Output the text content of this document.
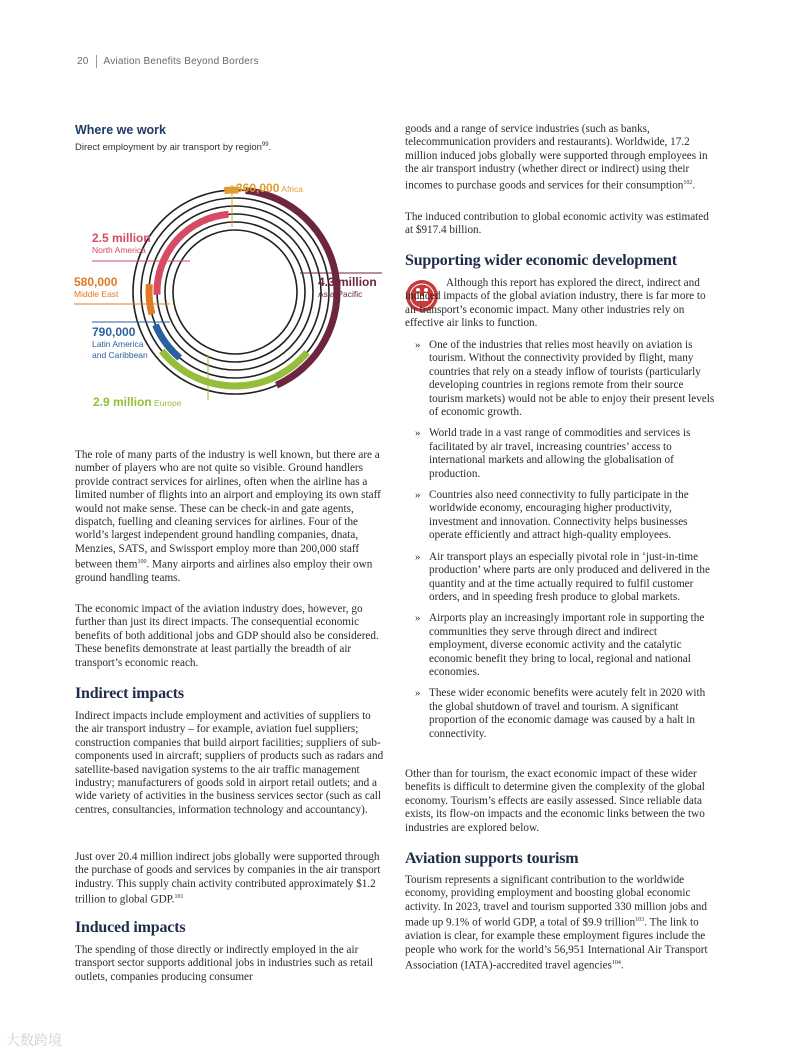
20 Aviation Benefits Beyond Borders
Where we work
Direct employment by air transport by region$^{99}$.
360,000 Africa
2.5 million North America
580,000 Middle East
790,000 Latin America and Caribbean
2.9 million Europe
4.3 million Asia-Pacific
The role of many parts of the industry is well known, but there are a number of players who are not quite so visible. Ground handlers provide contract services for airlines, often when the airline has a limited number of flights into an airport and employing its own staff would not make sense. These can be check-in and gate agents, dispatch, fuelling and cleaning services for airlines. Four of the world’s largest independent ground handling companies, dnata, Menzies, SATS, and Swissport employ more than 200,000 staff between them$^{100}$. Many airports and airlines also employ their own ground handling teams.
The economic impact of the aviation industry does, however, go further than just its direct impacts. The consequential economic benefits of both additional jobs and GDP should also be considered. These benefits demonstrate at least partially the breadth of air transport’s economic reach.
Indirect impacts
Indirect impacts include employment and activities of suppliers to the air transport industry – for example, aviation fuel suppliers; construction companies that build airport facilities; suppliers of sub-components used in aircraft; suppliers of products such as radars and satellite-based navigation systems to the air traffic management industry; manufacturers of goods sold in airport retail outlets; and a wide variety of activities in the business services sector (such as call centres, consultancies, information technology and accountancy).
Just over 20.4 million indirect jobs globally were supported through the purchase of goods and services by companies in the air transport industry. This supply chain activity contributed approximately $1.2 trillion to global GDP.$^{101}$
Induced impacts
The spending of those directly or indirectly employed in the air transport sector supports additional jobs in industries such as retail outlets, companies producing consumer
goods and a range of service industries (such as banks, telecommunication providers and restaurants). Worldwide, 17.2 million induced jobs globally were supported through employees in the air transport industry (whether direct or indirect) using their incomes to purchase goods and services for their consumption$^{102}$.
The induced contribution to global economic activity was estimated at $917.4 billion.
Supporting wider economic development
Although this report has explored the direct, indirect and induced impacts of the global aviation industry, there is far more to air transport’s economic impact. Many other industries rely on effective air links to function.
» One of the industries that relies most heavily on aviation is tourism. Without the connectivity provided by flight, many countries that rely on a steady inflow of tourists (particularly developing countries in regions remote from their source tourism markets) would not be able to enjoy their present levels of economic growth.
» World trade in a vast range of commodities and services is facilitated by air travel, increasing countries’ access to international markets and allowing the globalisation of production.
» Countries also need connectivity to fully participate in the worldwide economy, encouraging higher productivity, investment and innovation. Connectivity helps businesses operate efficiently and attract high-quality employees.
» Air transport plays an especially pivotal role in ‘just-in-time production’ where parts are only produced and delivered in the quantity and at the time actually required to fulfil customer orders, and in speeding fresh produce to global markets.
» Airports play an increasingly important role in supporting the communities they serve through direct and indirect employment, diverse economic activity and the catalytic economic benefit they bring to local, regional and national economies.
» These wider economic benefits were acutely felt in 2020 with the global shutdown of travel and tourism. A significant proportion of the economic damage was caused by a halt in connectivity.
Other than for tourism, the exact economic impact of these wider benefits is difficult to determine given the complexity of the global economy. Tourism’s effects are easily assessed. Since reliable data exists, its flow-on impacts and the economic links between the two industries are explored below.
Aviation supports tourism
Tourism represents a significant contribution to the worldwide economy, providing employment and boosting global economic activity. In 2023, travel and tourism supported 330 million jobs and made up 9.1% of world GDP, a total of $9.9 trillion$^{103}$. The link to aviation is clear, for example these employment figures include the people who work for the world’s 56,951 International Air Transport Association (IATA)-accredited travel agencies$^{104}$.
大数跨境
